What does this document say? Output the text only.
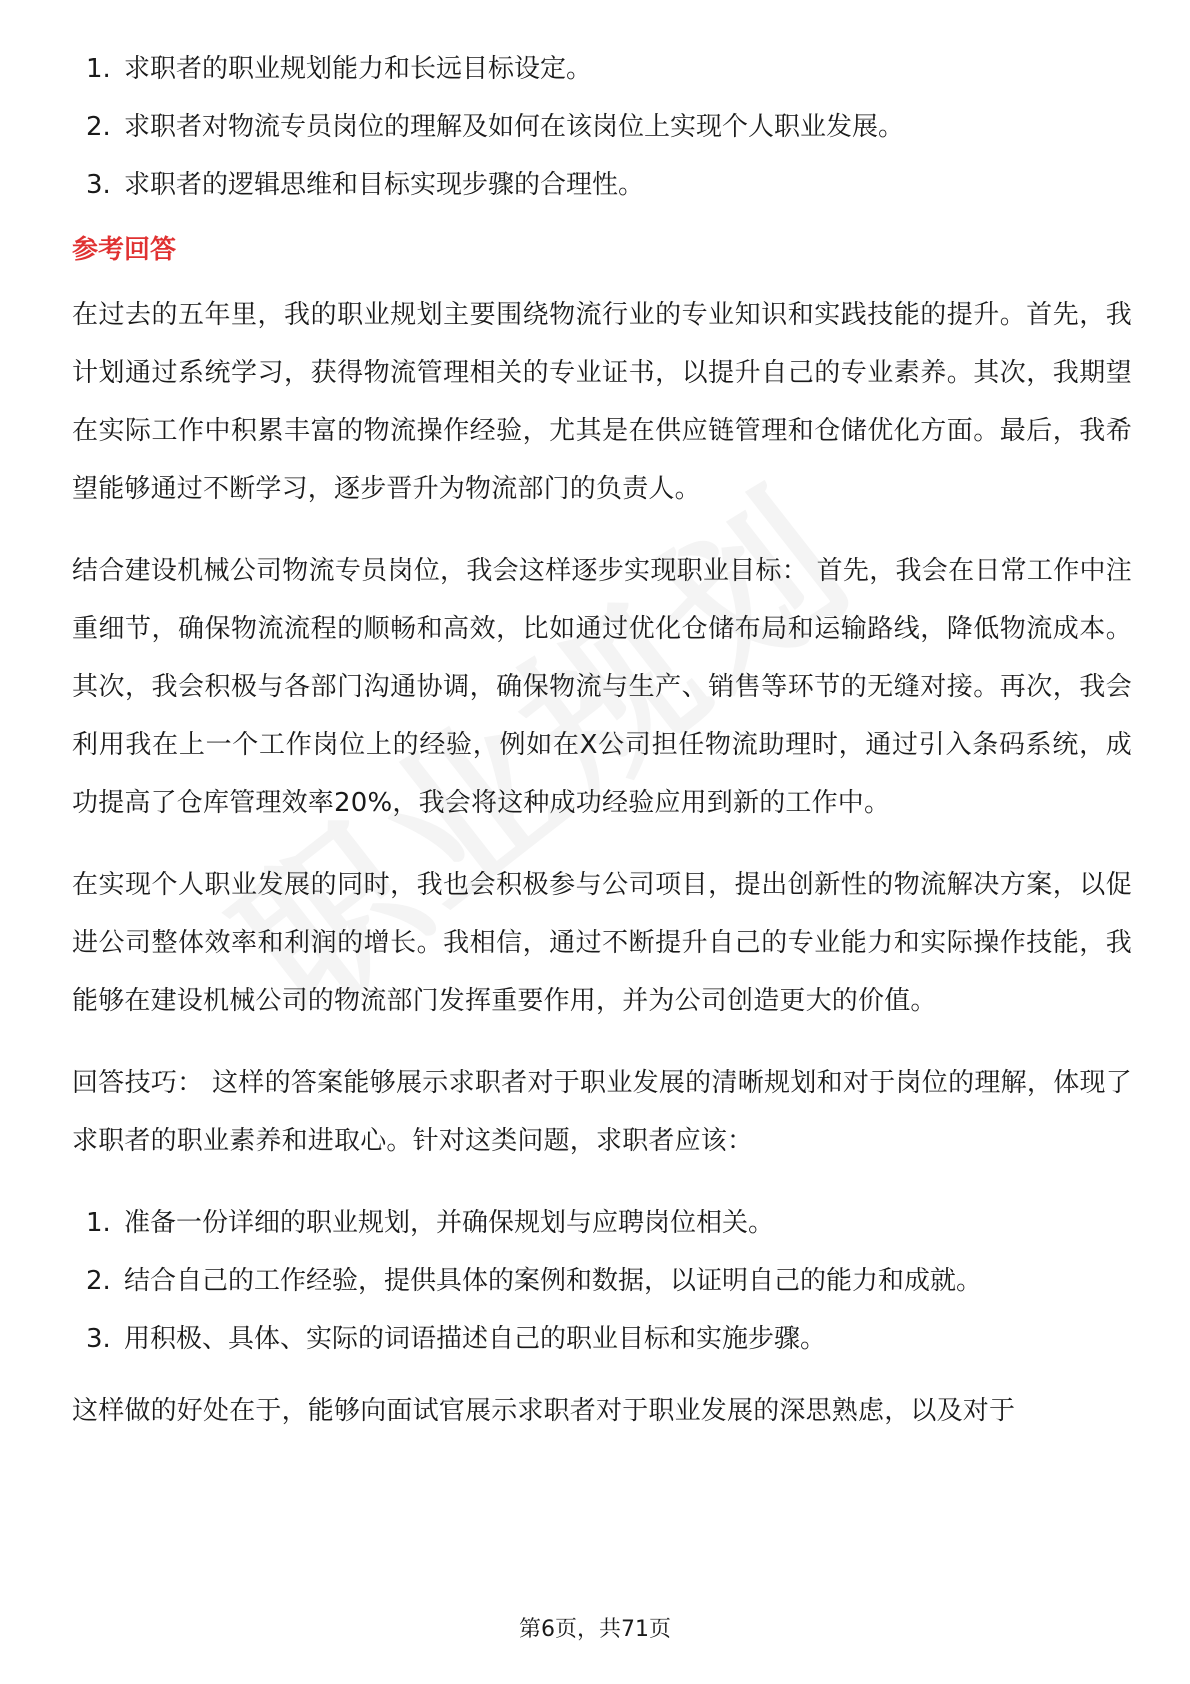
1. 求职者的职业规划能力和长远目标设定。
2. 求职者对物流专员岗位的理解及如何在该岗位上实现个人职业发展。
3. 求职者的逻辑思维和目标实现步骤的合理性。
参考回答

在过去的五年里，我的职业规划主要围绕物流行业的专业知识和实践技能的提升。首先，我计划通过系统学习，获得物流管理相关的专业证书，以提升自己的专业素养。其次，我期望在实际工作中积累丰富的物流操作经验，尤其是在供应链管理和仓储优化方面。最后，我希望能够通过不断学习，逐步晋升为物流部门的负责人。

结合建设机械公司物流专员岗位，我会这样逐步实现职业目标： 首先，我会在日常工作中注重细节，确保物流流程的顺畅和高效，比如通过优化仓储布局和运输路线，降低物流成本。其次，我会积极与各部门沟通协调，确保物流与生产、销售等环节的无缝对接。再次，我会利用我在上一个工作岗位上的经验，例如在X公司担任物流助理时，通过引入条码系统，成功提高了仓库管理效率20%，我会将这种成功经验应用到新的工作中。

在实现个人职业发展的同时，我也会积极参与公司项目，提出创新性的物流解决方案，以促进公司整体效率和利润的增长。我相信，通过不断提升自己的专业能力和实际操作技能，我能够在建设机械公司的物流部门发挥重要作用，并为公司创造更大的价值。

回答技巧： 这样的答案能够展示求职者对于职业发展的清晰规划和对于岗位的理解，体现了求职者的职业素养和进取心。针对这类问题，求职者应该：

1. 准备一份详细的职业规划，并确保规划与应聘岗位相关。
2. 结合自己的工作经验，提供具体的案例和数据，以证明自己的能力和成就。
3. 用积极、具体、实际的词语描述自己的职业目标和实施步骤。

这样做的好处在于，能够向面试官展示求职者对于职业发展的深思熟虑，以及对于

第6页，共71页
